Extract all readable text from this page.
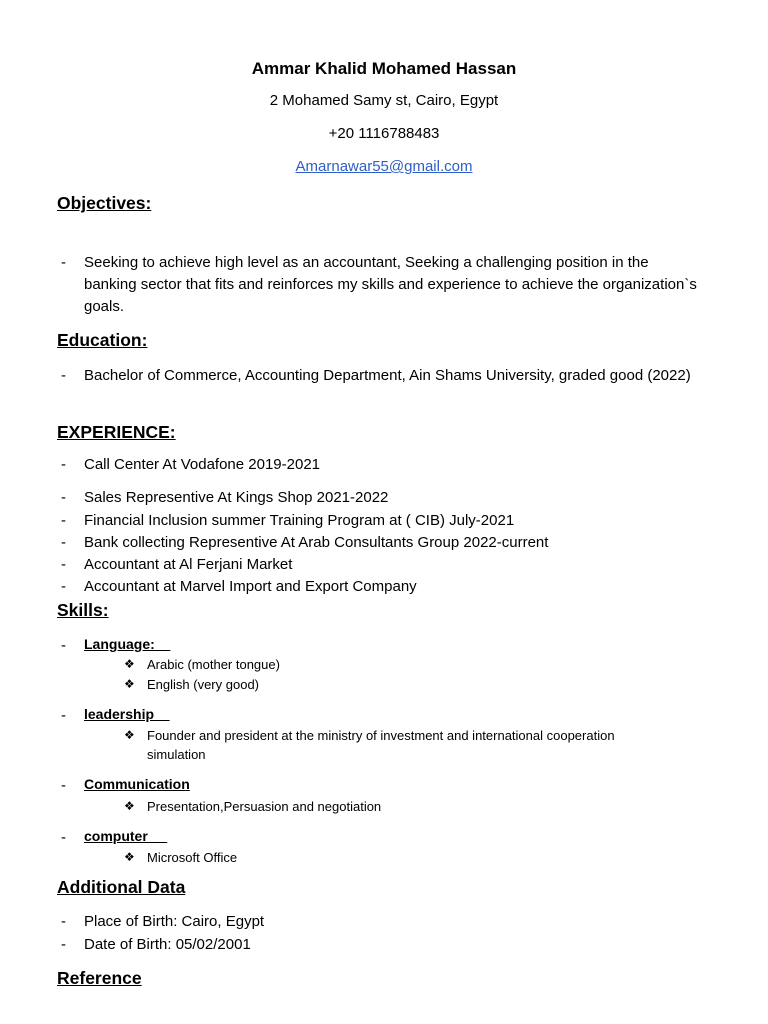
Ammar Khalid Mohamed Hassan
2 Mohamed Samy st, Cairo, Egypt
+20 1116788483
Amarnawar55@gmail.com
Objectives:
- Seeking to achieve high level as an accountant, Seeking a challenging position in the banking sector that fits and reinforces my skills and experience to achieve the organization`s goals.
Education:
- Bachelor of Commerce, Accounting Department, Ain Shams University, graded good (2022)
EXPERIENCE:
- Call Center At Vodafone 2019-2021
- Sales Representive At Kings Shop 2021-2022
- Financial Inclusion summer Training Program at ( CIB) July-2021
- Bank collecting Representive At Arab Consultants Group 2022-current
- Accountant at Al Ferjani Market
- Accountant at Marvel Import and Export Company
Skills:
- Language:
❖ Arabic (mother tongue)
❖ English (very good)
- leadership
❖ Founder and president at the ministry of investment and international cooperation simulation
- Communication
❖ Presentation,Persuasion and negotiation
- computer
❖ Microsoft Office
Additional Data
- Place of Birth: Cairo, Egypt
- Date of Birth: 05/02/2001
Reference
